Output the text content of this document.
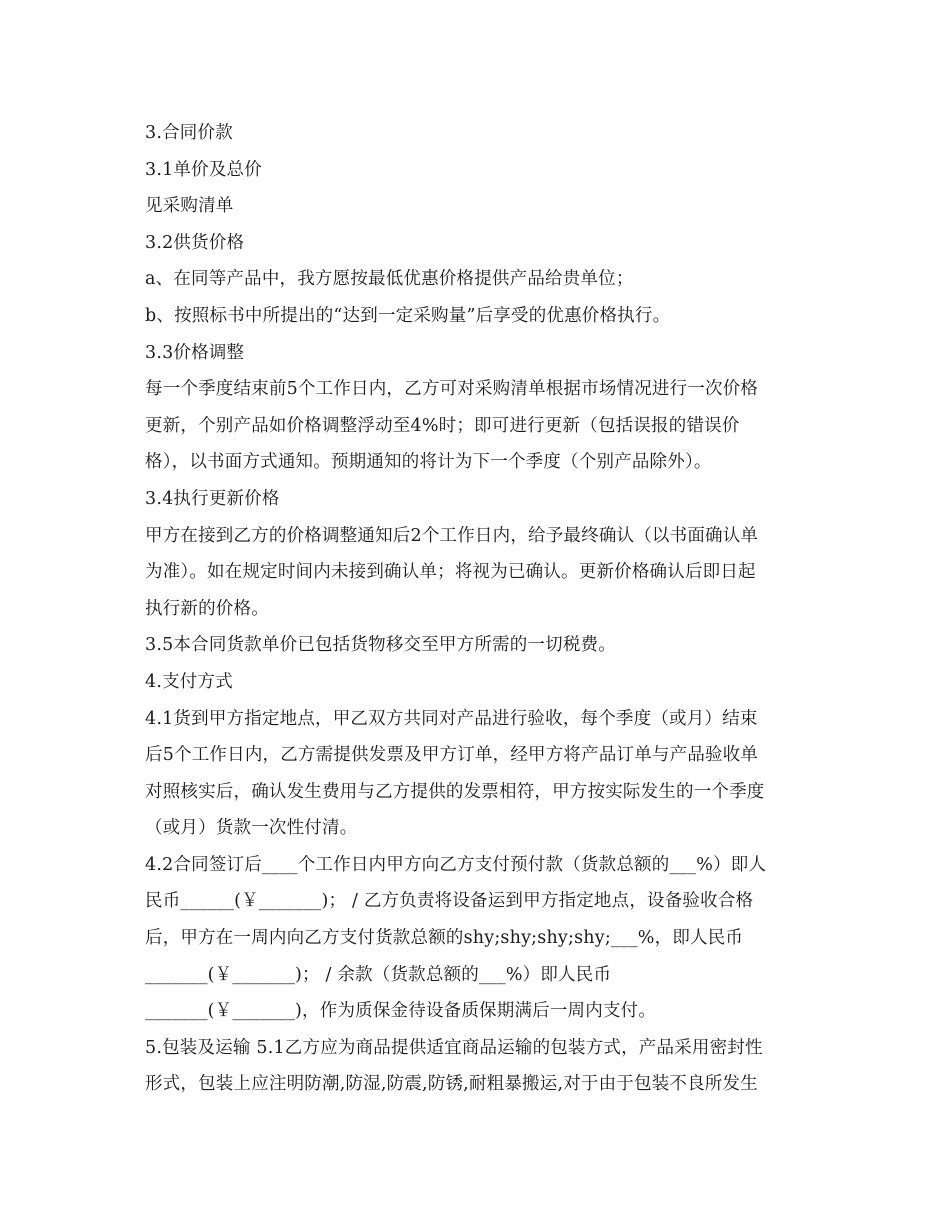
3.合同价款
3.1单价及总价
见采购清单
3.2供货价格
a、在同等产品中，我方愿按最低优惠价格提供产品给贵单位；
b、按照标书中所提出的“达到一定采购量”后享受的优惠价格执行。
3.3价格调整
每一个季度结束前5个工作日内，乙方可对采购清单根据市场情况进行一次价格
更新，个别产品如价格调整浮动至4%时；即可进行更新（包括误报的错误价
格），以书面方式通知。预期通知的将计为下一个季度（个别产品除外）。
3.4执行更新价格
甲方在接到乙方的价格调整通知后2个工作日内，给予最终确认（以书面确认单
为准）。如在规定时间内未接到确认单；将视为已确认。更新价格确认后即日起
执行新的价格。
3.5本合同货款单价已包括货物移交至甲方所需的一切税费。
4.支付方式
4.1货到甲方指定地点，甲乙双方共同对产品进行验收，每个季度（或月）结束
后5个工作日内，乙方需提供发票及甲方订单，经甲方将产品订单与产品验收单
对照核实后，确认发生费用与乙方提供的发票相符，甲方按实际发生的一个季度
（或月）货款一次性付清。
4.2合同签订后____个工作日内甲方向乙方支付预付款（货款总额的___%）即人
民币______(￥_______)； / 乙方负责将设备运到甲方指定地点，设备验收合格
后，甲方在一周内向乙方支付货款总额的shy;shy;shy;shy;___%，即人民币
_______(￥_______)； / 余款（货款总额的___%）即人民币
_______(￥_______)，作为质保金待设备质保期满后一周内支付。
5.包装及运输 5.1乙方应为商品提供适宜商品运输的包装方式，产品采用密封性
形式，包装上应注明防潮,防湿,防震,防锈,耐粗暴搬运,对于由于包装不良所发生
